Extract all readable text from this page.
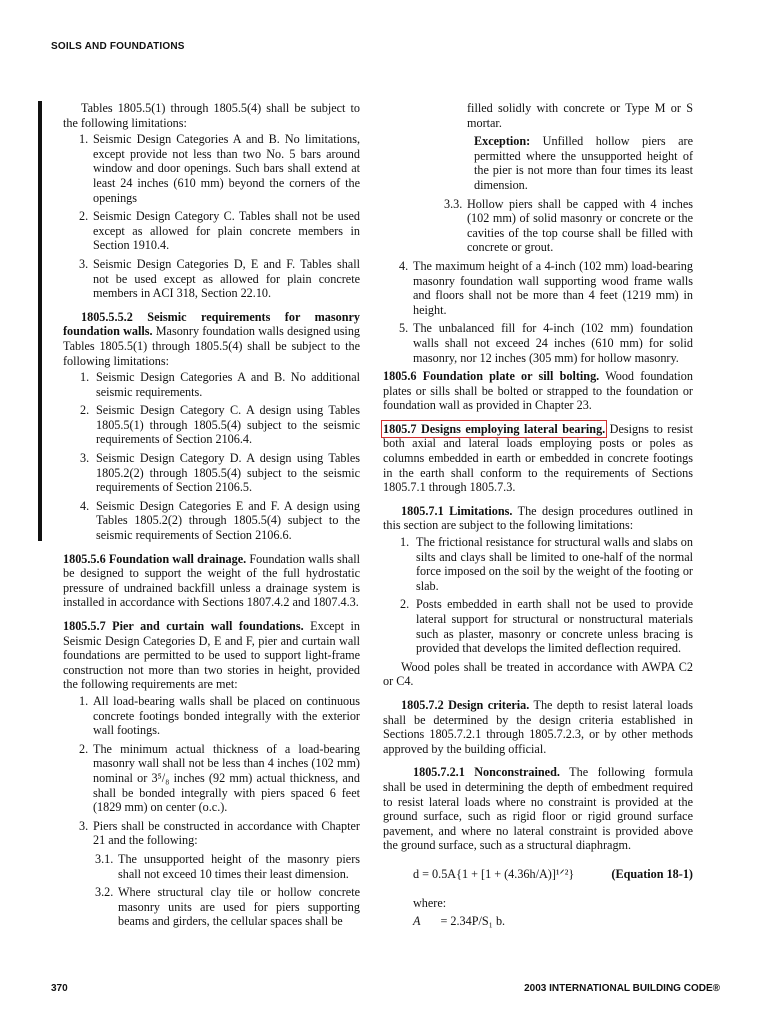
SOILS AND FOUNDATIONS

Tables 1805.5(1) through 1805.5(4) shall be subject to the following limitations:

1. Seismic Design Categories A and B. No limitations, except provide not less than two No. 5 bars around window and door openings. Such bars shall extend at least 24 inches (610 mm) beyond the corners of the openings
2. Seismic Design Category C. Tables shall not be used except as allowed for plain concrete members in Section 1910.4.
3. Seismic Design Categories D, E and F. Tables shall not be used except as allowed for plain concrete members in ACI 318, Section 22.10.

1805.5.5.2 Seismic requirements for masonry foundation walls. Masonry foundation walls designed using Tables 1805.5(1) through 1805.5(4) shall be subject to the following limitations:

1. Seismic Design Categories A and B. No additional seismic requirements.
2. Seismic Design Category C. A design using Tables 1805.5(1) through 1805.5(4) subject to the seismic requirements of Section 2106.4.
3. Seismic Design Category D. A design using Tables 1805.2(2) through 1805.5(4) subject to the seismic requirements of Section 2106.5.
4. Seismic Design Categories E and F. A design using Tables 1805.2(2) through 1805.5(4) subject to the seismic requirements of Section 2106.6.

1805.5.6 Foundation wall drainage. Foundation walls shall be designed to support the weight of the full hydrostatic pressure of undrained backfill unless a drainage system is installed in accordance with Sections 1807.4.2 and 1807.4.3.

1805.5.7 Pier and curtain wall foundations. Except in Seismic Design Categories D, E and F, pier and curtain wall foundations are permitted to be used to support light-frame construction not more than two stories in height, provided the following requirements are met:

1. All load-bearing walls shall be placed on continuous concrete footings bonded integrally with the exterior wall footings.
2. The minimum actual thickness of a load-bearing masonry wall shall not be less than 4 inches (102 mm) nominal or 3⁵/₈ inches (92 mm) actual thickness, and shall be bonded integrally with piers spaced 6 feet (1829 mm) on center (o.c.).
3. Piers shall be constructed in accordance with Chapter 21 and the following:
3.1. The unsupported height of the masonry piers shall not exceed 10 times their least dimension.
3.2. Where structural clay tile or hollow concrete masonry units are used for piers supporting beams and girders, the cellular spaces shall be

filled solidly with concrete or Type M or S mortar.

Exception: Unfilled hollow piers are permitted where the unsupported height of the pier is not more than four times its least dimension.

3.3. Hollow piers shall be capped with 4 inches (102 mm) of solid masonry or concrete or the cavities of the top course shall be filled with concrete or grout.
4. The maximum height of a 4-inch (102 mm) load-bearing masonry foundation wall supporting wood frame walls and floors shall not be more than 4 feet (1219 mm) in height.
5. The unbalanced fill for 4-inch (102 mm) foundation walls shall not exceed 24 inches (610 mm) for solid masonry, nor 12 inches (305 mm) for hollow masonry.

1805.6 Foundation plate or sill bolting. Wood foundation plates or sills shall be bolted or strapped to the foundation or foundation wall as provided in Chapter 23.

1805.7 Designs employing lateral bearing. Designs to resist both axial and lateral loads employing posts or poles as columns embedded in earth or embedded in concrete footings in the earth shall conform to the requirements of Sections 1805.7.1 through 1805.7.3.

1805.7.1 Limitations. The design procedures outlined in this section are subject to the following limitations:

1. The frictional resistance for structural walls and slabs on silts and clays shall be limited to one-half of the normal force imposed on the soil by the weight of the footing or slab.
2. Posts embedded in earth shall not be used to provide lateral support for structural or nonstructural materials such as plaster, masonry or concrete unless bracing is provided that develops the limited deflection required.

Wood poles shall be treated in accordance with AWPA C2 or C4.

1805.7.2 Design criteria. The depth to resist lateral loads shall be determined by the design criteria established in Sections 1805.7.2.1 through 1805.7.2.3, or by other methods approved by the building official.

1805.7.2.1 Nonconstrained. The following formula shall be used in determining the depth of embedment required to resist lateral loads where no constraint is provided at the ground surface, such as rigid floor or rigid ground surface pavement, and where no lateral constraint is provided above the ground surface, such as a structural diaphragm.

d = 0.5A{1 + [1 + (4.36h/A)]¹ᐟ²}	(Equation 18-1)

where:

A = 2.34P/S₁ b.
370	2003 INTERNATIONAL BUILDING CODE®
